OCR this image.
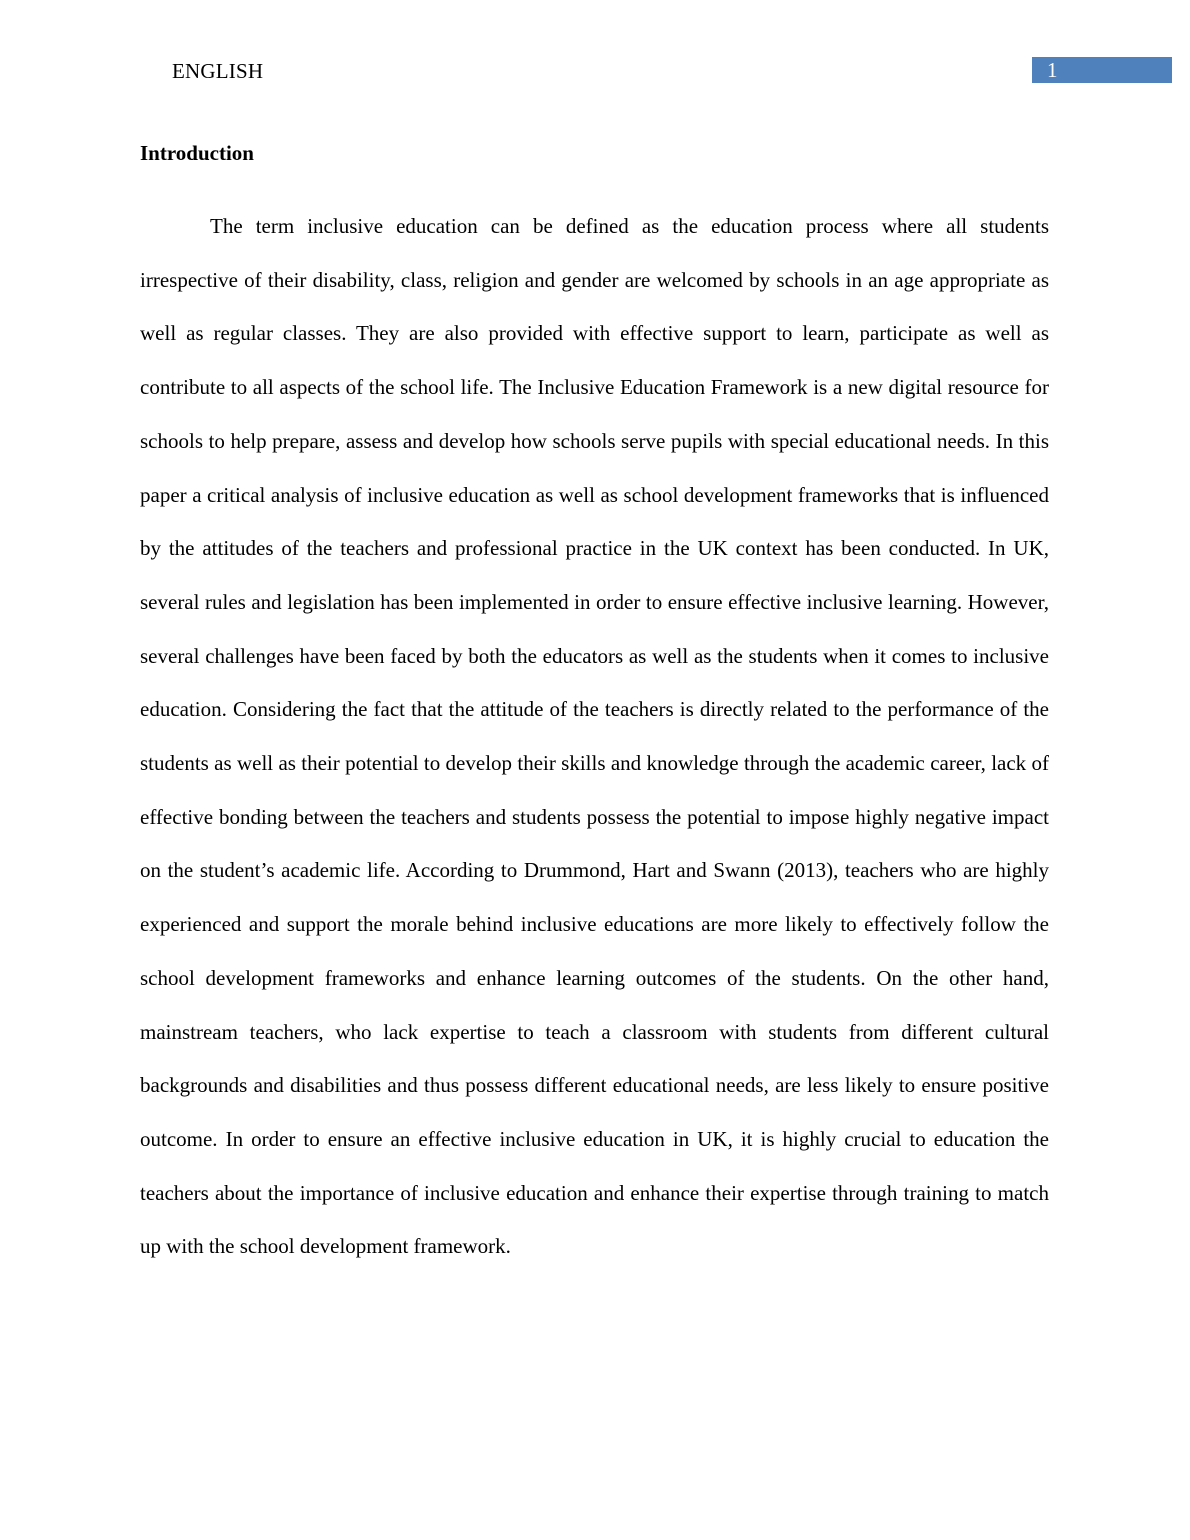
ENGLISH	1
Introduction

The term inclusive education can be defined as the education process where all students irrespective of their disability, class, religion and gender are welcomed by schools in an age appropriate as well as regular classes. They are also provided with effective support to learn, participate as well as contribute to all aspects of the school life. The Inclusive Education Framework is a new digital resource for schools to help prepare, assess and develop how schools serve pupils with special educational needs. In this paper a critical analysis of inclusive education as well as school development frameworks that is influenced by the attitudes of the teachers and professional practice in the UK context has been conducted. In UK, several rules and legislation has been implemented in order to ensure effective inclusive learning. However, several challenges have been faced by both the educators as well as the students when it comes to inclusive education. Considering the fact that the attitude of the teachers is directly related to the performance of the students as well as their potential to develop their skills and knowledge through the academic career, lack of effective bonding between the teachers and students possess the potential to impose highly negative impact on the student’s academic life. According to Drummond, Hart and Swann (2013), teachers who are highly experienced and support the morale behind inclusive educations are more likely to effectively follow the school development frameworks and enhance learning outcomes of the students. On the other hand, mainstream teachers, who lack expertise to teach a classroom with students from different cultural backgrounds and disabilities and thus possess different educational needs, are less likely to ensure positive outcome. In order to ensure an effective inclusive education in UK, it is highly crucial to education the teachers about the importance of inclusive education and enhance their expertise through training to match up with the school development framework.
